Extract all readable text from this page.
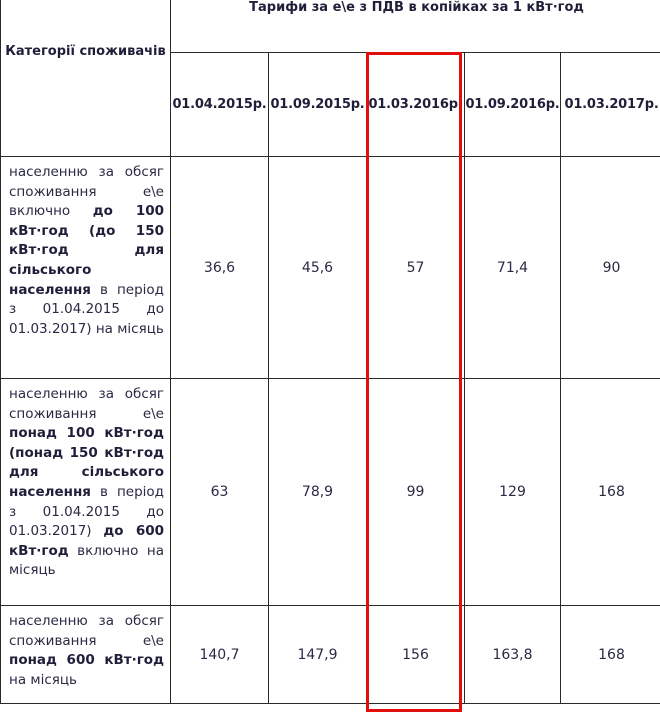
Категорії споживачів	Тарифи за е\е з ПДВ в копійках за 1 кВт·год				

	01.04.2015р.	01.09.2015р.	01.03.2016р.	01.09.2016р.	01.03.2017р.
населенню за обсяг споживання е\е включно до 100 кВт·год (до 150 кВт·год для сільського населення в період з 01.04.2015 до 01.03.2017) на місяць	36,6	45,6	57	71,4	90
населенню за обсяг споживання е\е понад 100 кВт·год (понад 150 кВт·год для сільського населення в період з 01.04.2015 до 01.03.2017) до 600 кВт·год включно на місяць	63	78,9	99	129	168
населенню за обсяг споживання е\е понад 600 кВт·год на місяць	140,7	147,9	156	163,8	168
